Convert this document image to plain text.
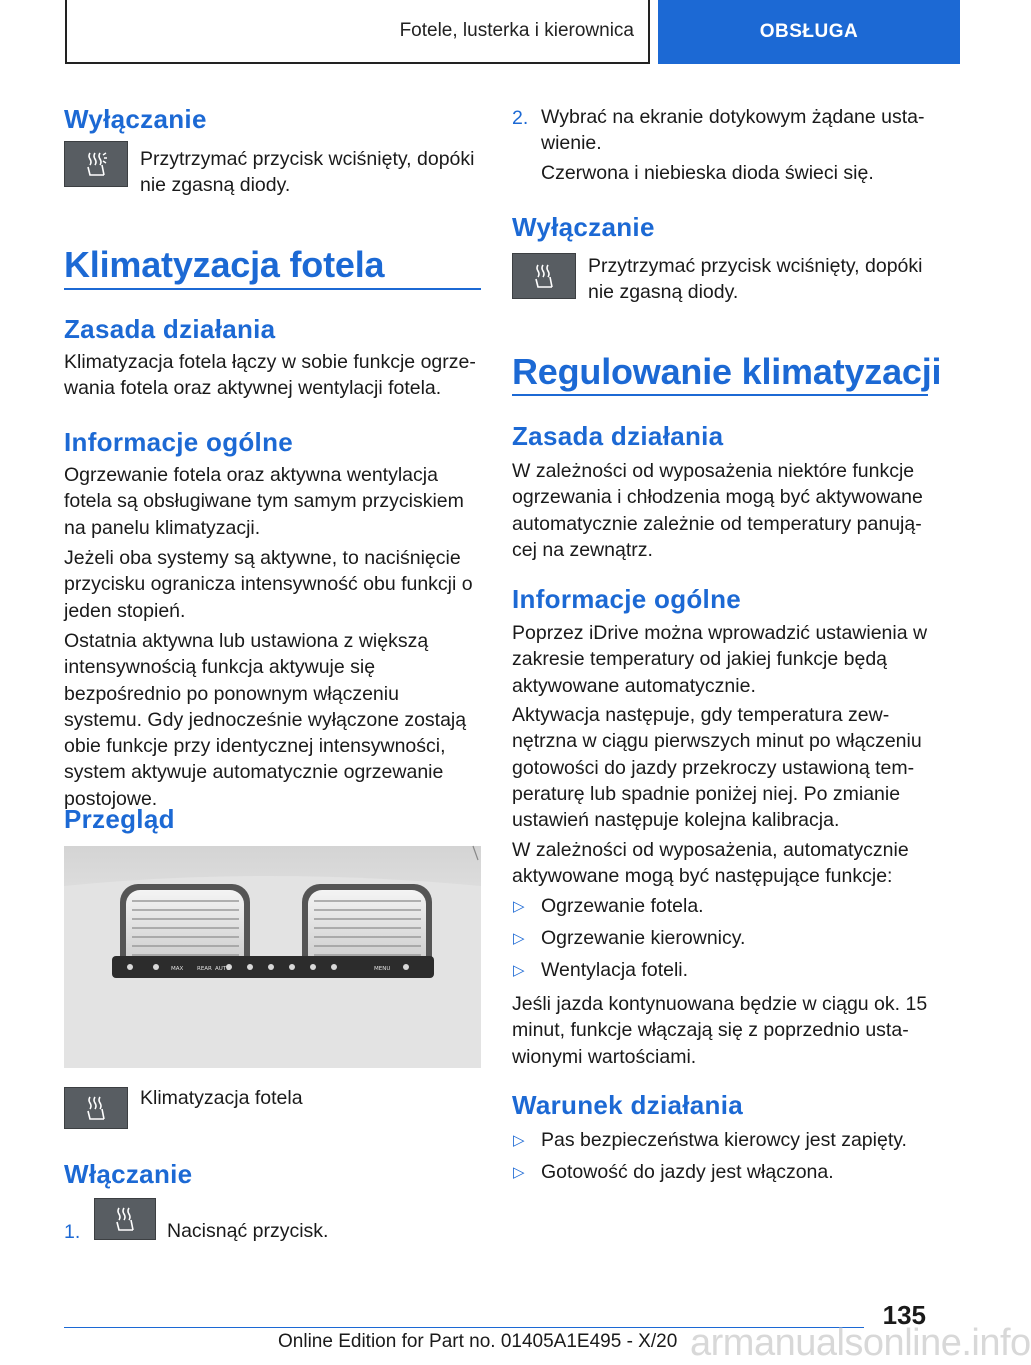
Fotele, lusterka i kierownica	OBSŁUGA
Wyłączanie
Przytrzymać przycisk wciśnięty, dopóki nie zgasną diody.
Klimatyzacja fotela
Zasada działania
Klimatyzacja fotela łączy w sobie funkcje ogrzewania fotela oraz aktywnej wentylacji fotela.
Informacje ogólne
Ogrzewanie fotela oraz aktywna wentylacja fotela są obsługiwane tym samym przyciskiem na panelu klimatyzacji.
Jeżeli oba systemy są aktywne, to naciśnięcie przycisku ogranicza intensywność obu funkcji o jeden stopień.
Ostatnia aktywna lub ustawiona z większą intensywnością funkcja aktywuje się bezpośrednio po ponownym włączeniu systemu. Gdy jednocześnie wyłączone zostają obie funkcje przy identycznej intensywności, system aktywuje automatycznie ogrzewanie postojowe.
Przegląd
MAX REAR AUTO	MENU
Klimatyzacja fotela
Włączanie
1.	Nacisnąć przycisk.
2. Wybrać na ekranie dotykowym żądane ustawienie.
Czerwona i niebieska dioda świeci się.
Wyłączanie
Przytrzymać przycisk wciśnięty, dopóki nie zgasną diody.
Regulowanie klimatyzacji
Zasada działania
W zależności od wyposażenia niektóre funkcje ogrzewania i chłodzenia mogą być aktywowane automatycznie zależnie od temperatury panującej na zewnątrz.
Informacje ogólne
Poprzez iDrive można wprowadzić ustawienia w zakresie temperatury od jakiej funkcje będą aktywowane automatycznie.
Aktywacja następuje, gdy temperatura zewnętrzna w ciągu pierwszych minut po włączeniu gotowości do jazdy przekroczy ustawioną temperaturę lub spadnie poniżej niej. Po zmianie ustawień następuje kolejna kalibracja.
W zależności od wyposażenia, automatycznie aktywowane mogą być następujące funkcje:
▷ Ogrzewanie fotela.
▷ Ogrzewanie kierownicy.
▷ Wentylacja foteli.
Jeśli jazda kontynuowana będzie w ciągu ok. 15 minut, funkcje włączają się z poprzednio ustawionymi wartościami.
Warunek działania
▷ Pas bezpieczeństwa kierowcy jest zapięty.
▷ Gotowość do jazdy jest włączona.
135
Online Edition for Part no. 01405A1E495 - X/20 armanualsonline.info
